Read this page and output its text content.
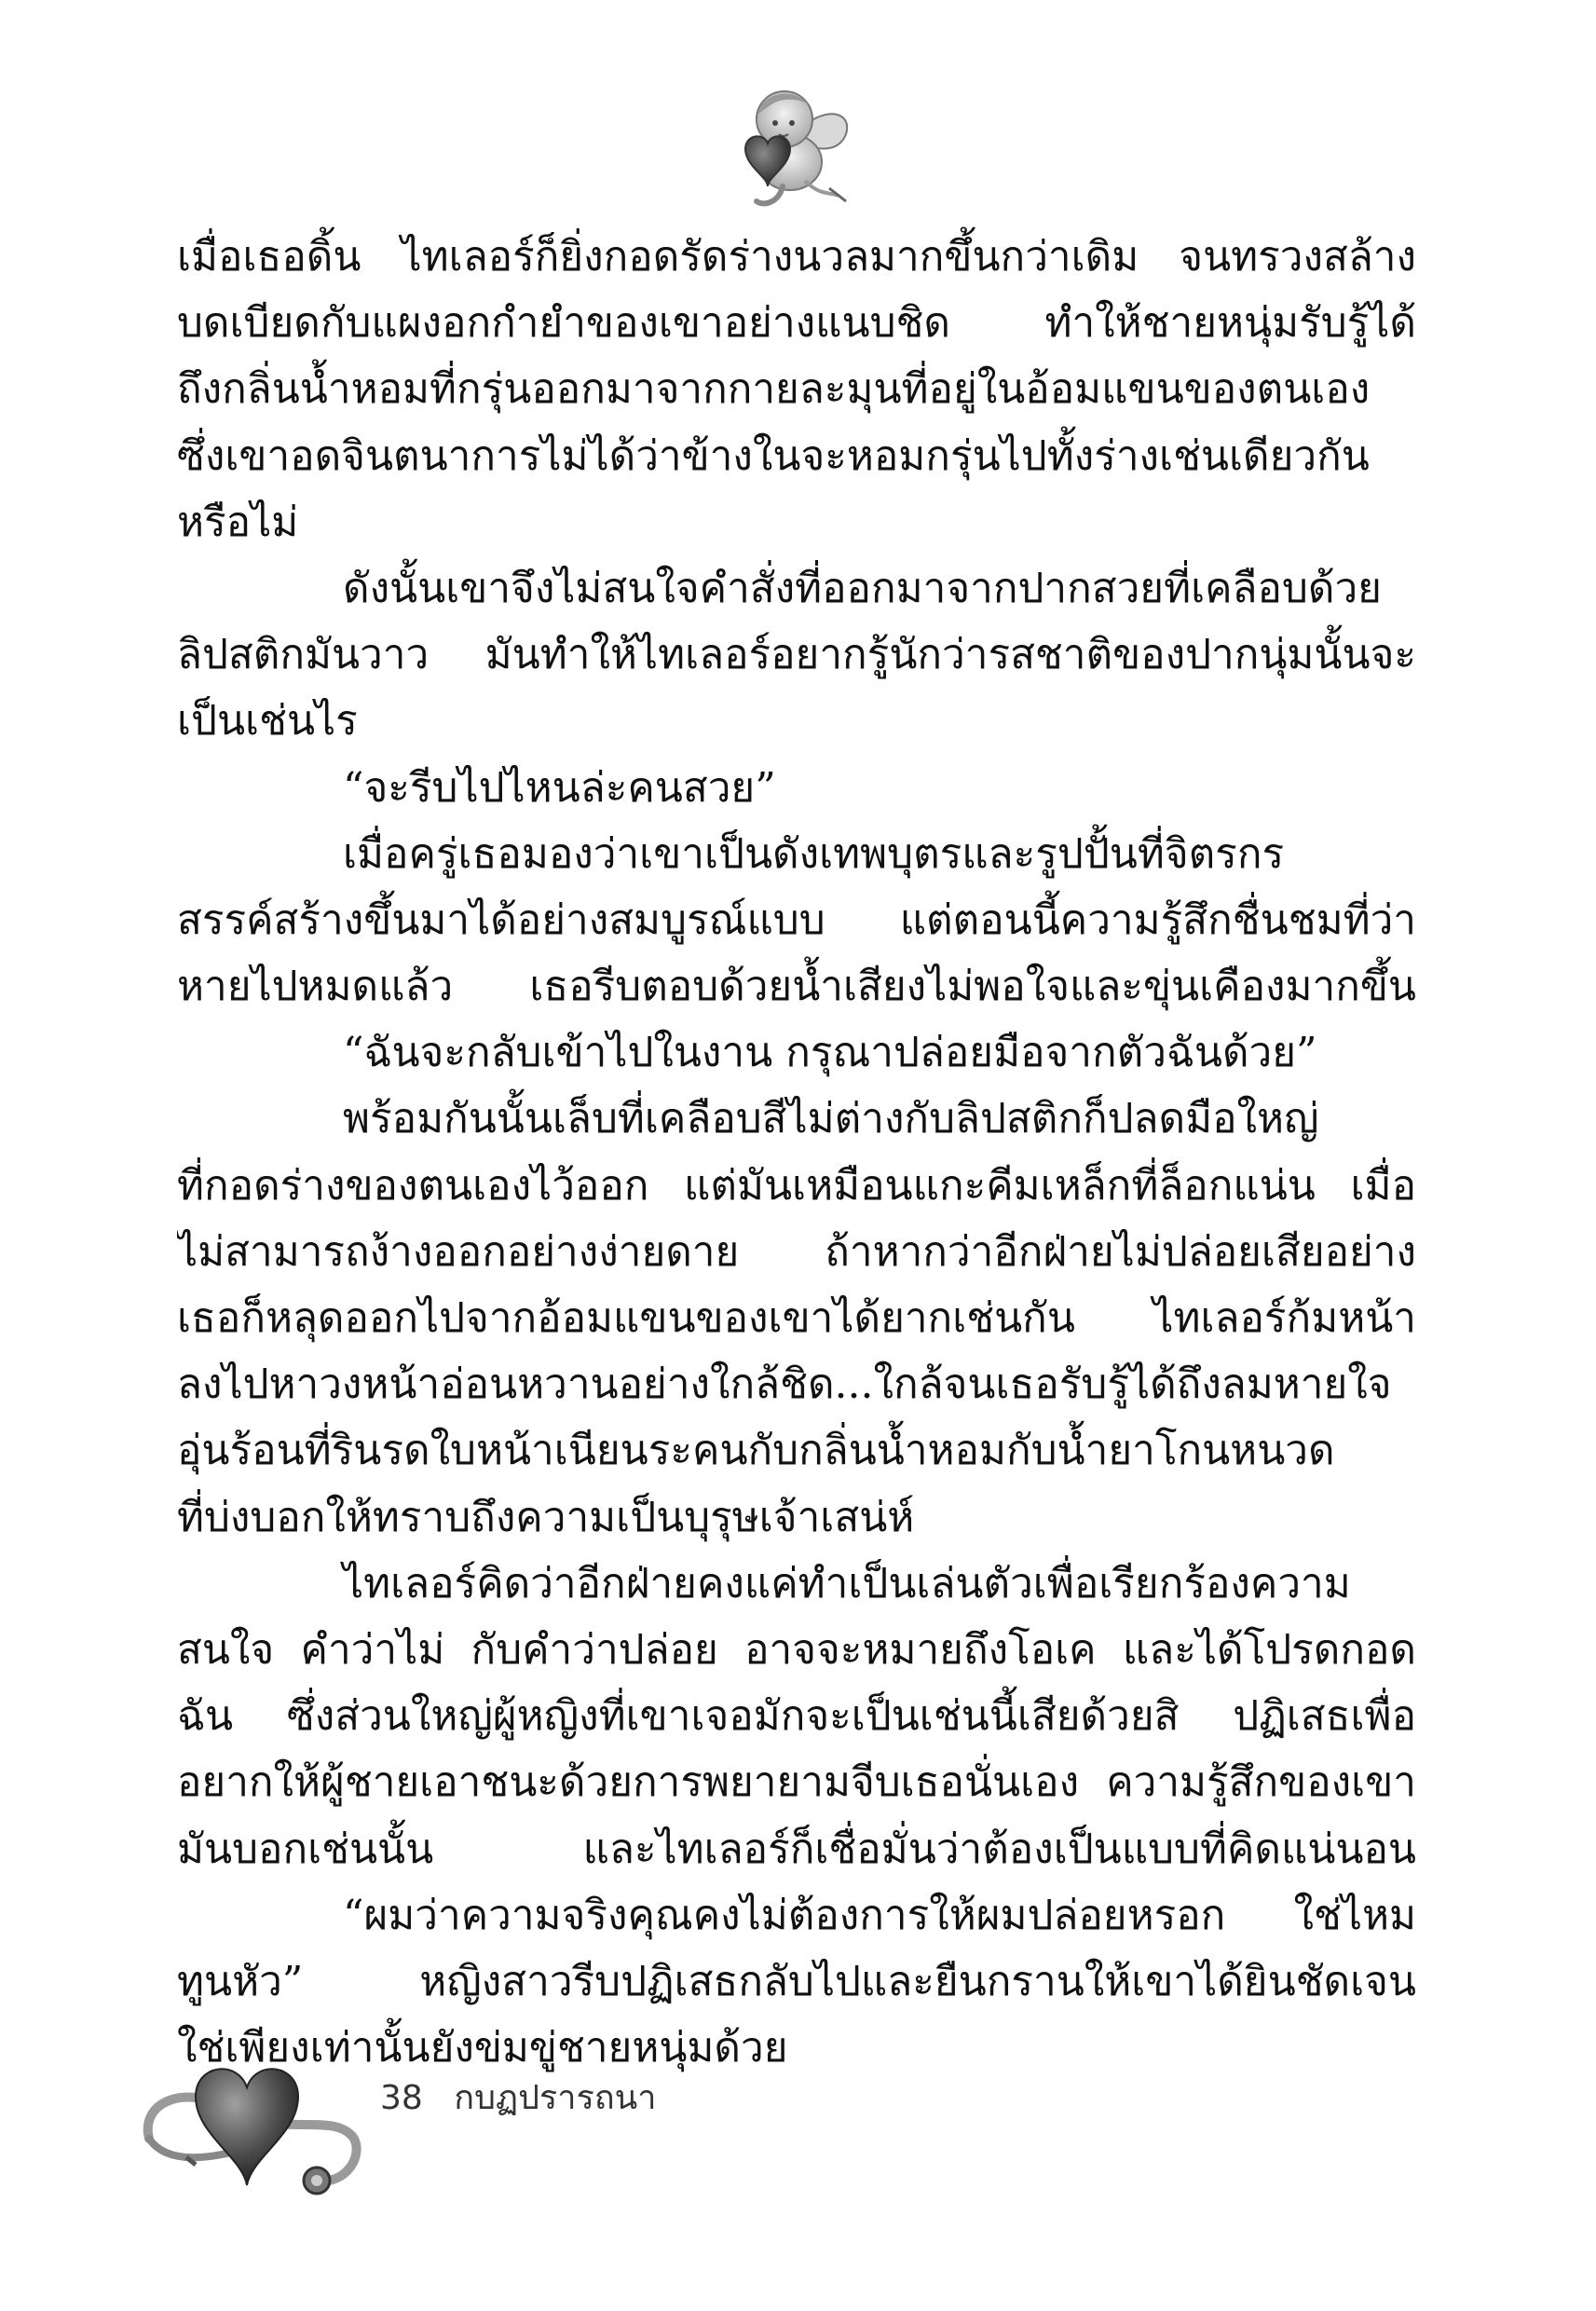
เมื่อเธอดิ้น ไทเลอร์ก็ยิ่งกอดรัดร่างนวลมากขึ้นกว่าเดิม จนทรวงสล้าง
บดเบียดกับแผงอกกำยำของเขาอย่างแนบชิด ทำให้ชายหนุ่มรับรู้ได้
ถึงกลิ่นน้ำหอมที่กรุ่นออกมาจากกายละมุนที่อยู่ในอ้อมแขนของตนเอง
ซึ่งเขาอดจินตนาการไม่ได้ว่าข้างในจะหอมกรุ่นไปทั้งร่างเช่นเดียวกัน
หรือไม่
ดังนั้นเขาจึงไม่สนใจคำสั่งที่ออกมาจากปากสวยที่เคลือบด้วย
ลิปสติกมันวาว มันทำให้ไทเลอร์อยากรู้นักว่ารสชาติของปากนุ่มนั้นจะ
เป็นเช่นไร
“จะรีบไปไหนล่ะคนสวย”
เมื่อครู่เธอมองว่าเขาเป็นดังเทพบุตรและรูปปั้นที่จิตรกร
สรรค์สร้างขึ้นมาได้อย่างสมบูรณ์แบบ แต่ตอนนี้ความรู้สึกชื่นชมที่ว่า
หายไปหมดแล้ว เธอรีบตอบด้วยน้ำเสียงไม่พอใจและขุ่นเคืองมากขึ้น
“ฉันจะกลับเข้าไปในงาน กรุณาปล่อยมือจากตัวฉันด้วย”
พร้อมกันนั้นเล็บที่เคลือบสีไม่ต่างกับลิปสติกก็ปลดมือใหญ่
ที่กอดร่างของตนเองไว้ออก แต่มันเหมือนแกะคีมเหล็กที่ล็อกแน่น เมื่อ
ไม่สามารถง้างออกอย่างง่ายดาย ถ้าหากว่าอีกฝ่ายไม่ปล่อยเสียอย่าง
เธอก็หลุดออกไปจากอ้อมแขนของเขาได้ยากเช่นกัน ไทเลอร์ก้มหน้า
ลงไปหาวงหน้าอ่อนหวานอย่างใกล้ชิด...ใกล้จนเธอรับรู้ได้ถึงลมหายใจ
อุ่นร้อนที่รินรดใบหน้าเนียนระคนกับกลิ่นน้ำหอมกับน้ำยาโกนหนวด
ที่บ่งบอกให้ทราบถึงความเป็นบุรุษเจ้าเสน่ห์
ไทเลอร์คิดว่าอีกฝ่ายคงแค่ทำเป็นเล่นตัวเพื่อเรียกร้องความ
สนใจ คำว่าไม่ กับคำว่าปล่อย อาจจะหมายถึงโอเค และได้โปรดกอด
ฉัน ซึ่งส่วนใหญ่ผู้หญิงที่เขาเจอมักจะเป็นเช่นนี้เสียด้วยสิ ปฏิเสธเพื่อ
อยากให้ผู้ชายเอาชนะด้วยการพยายามจีบเธอนั่นเอง ความรู้สึกของเขา
มันบอกเช่นนั้น และไทเลอร์ก็เชื่อมั่นว่าต้องเป็นแบบที่คิดแน่นอน
“ผมว่าความจริงคุณคงไม่ต้องการให้ผมปล่อยหรอก ใช่ไหม
ทูนหัว” หญิงสาวรีบปฏิเสธกลับไปและยืนกรานให้เขาได้ยินชัดเจน
ใช่เพียงเท่านั้นยังข่มขู่ชายหนุ่มด้วย
38 กบฏปรารถนา
